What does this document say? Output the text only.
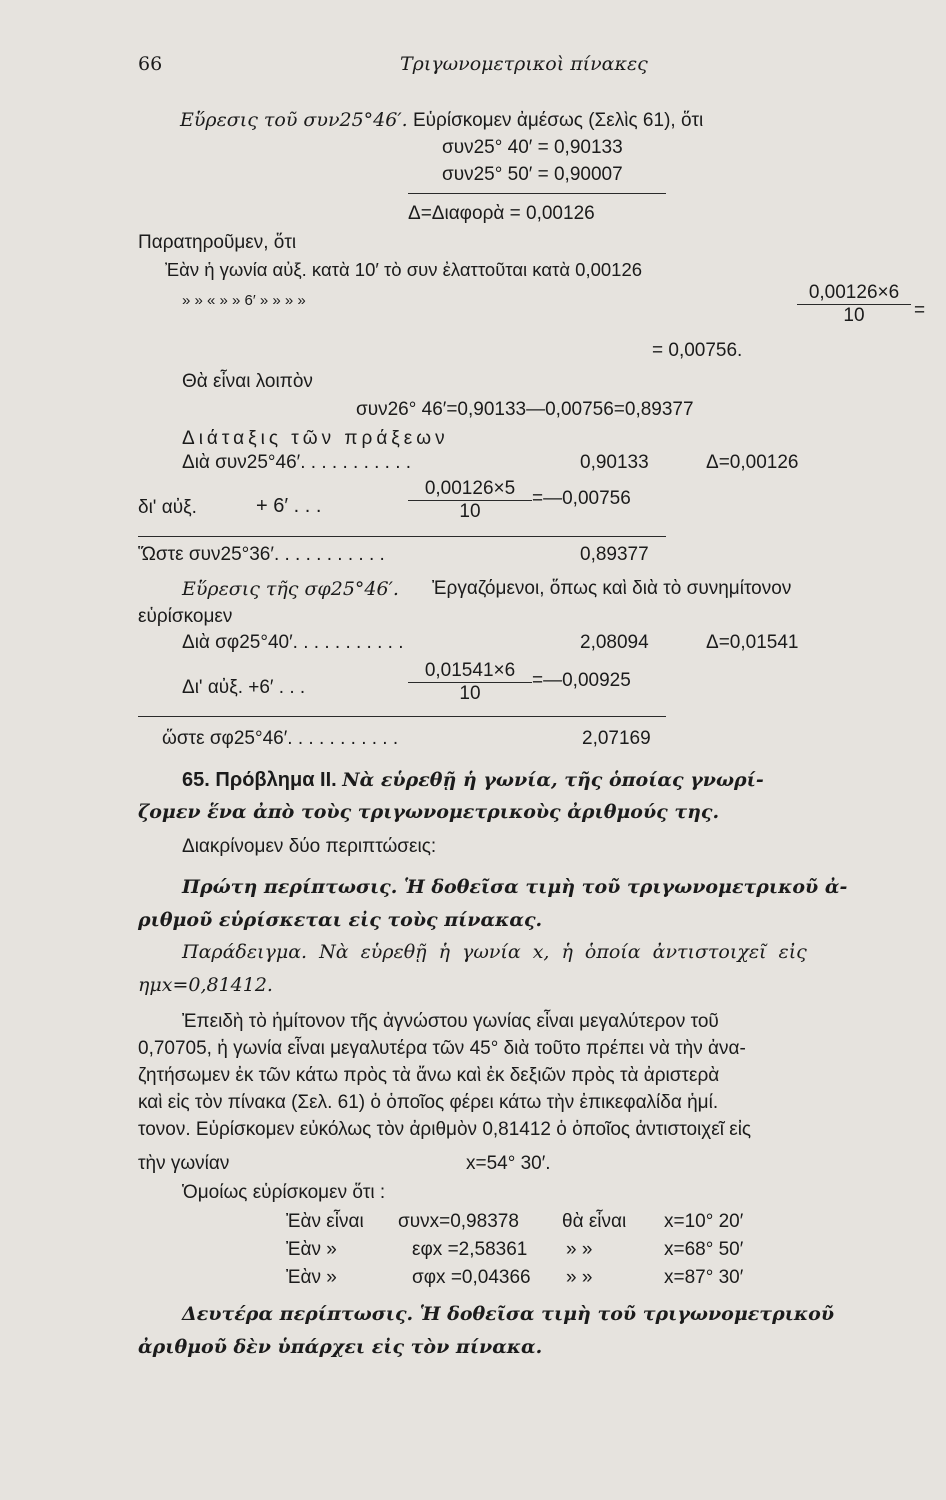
66	Τριγωνομετρικοὶ πίνακες
Εὕρεσις τοῦ συν25°46′. Εὑρίσκομεν ἀμέσως (Σελὶς 61), ὅτι
συν25° 40′ = 0,90133
συν25° 50′ = 0,90007
Δ=Διαφορὰ = 0,00126
Παρατηροῦμεν, ὅτι
Ἐὰν ἡ γωνία αὐξ. κατὰ 10′ τὸ συν ἐλαττοῦται κατὰ 0,00126
» » « » » 6′ » » » »	$\frac{0,00126\times 6}{10}$ =
= 0,00756.
Θὰ εἶναι λοιπὸν
συν26° 46′=0,90133—0,00756=0,89377
Διάταξις τῶν πράξεων
Διὰ συν25°46′. . . . . . . . . . .	0,90133	Δ=0,00126
δι' αὐξ.	+ 6′ . . .	$\frac{0,00126\times 5}{10}$ =—0,00756
Ὥστε συν25°36′. . . . . . . . . . .	0,89377
Εὕρεσις τῆς σφ25°46′. Ἐργαζόμενοι, ὅπως καὶ διὰ τὸ συνημίτονον
εὑρίσκομεν
Διὰ σφ25°40′. . . . . . . . . . .	2,08094	Δ=0,01541
Δι' αὐξ. +6′ . . .	$\frac{0,01541\times 6}{10}$ =—0,00925
ὥστε σφ25°46′. . . . . . . . . . .	2,07169
65. Πρόβλημα II. Νὰ εὑρεθῇ ἡ γωνία, τῆς ὁποίας γνωρί-
ζομεν ἕνα ἀπὸ τοὺς τριγωνομετρικοὺς ἀριθμούς της.
Διακρίνομεν δύο περιπτώσεις:
Πρώτη περίπτωσις. Ἡ δοθεῖσα τιμὴ τοῦ τριγωνομετρικοῦ ἀ-
ριθμοῦ εὑρίσκεται εἰς τοὺς πίνακας.
Παράδειγμα. Νὰ εὑρεθῇ ἡ γωνία x, ἡ ὁποία ἀντιστοιχεῖ εἰς
ημx=0,81412.
Ἐπειδὴ τὸ ἡμίτονον τῆς ἀγνώστου γωνίας εἶναι μεγαλύτερον τοῦ
0,70705, ἡ γωνία εἶναι μεγαλυτέρα τῶν 45° διὰ τοῦτο πρέπει νὰ τὴν ἀνα-
ζητήσωμεν ἐκ τῶν κάτω πρὸς τὰ ἄνω καὶ ἐκ δεξιῶν πρὸς τὰ ἀριστερὰ
καὶ εἰς τὸν πίνακα (Σελ. 61) ὁ ὁποῖος φέρει κάτω τὴν ἐπικεφαλίδα ἡμί.
τονον. Εὑρίσκομεν εὐκόλως τὸν ἀριθμὸν 0,81412 ὁ ὁποῖος ἀντιστοιχεῖ εἰς
τὴν γωνίαν	x=54° 30′.
Ὁμοίως εὑρίσκομεν ὅτι :
Ἐὰν εἶναι συνx=0,98378 θὰ εἶναι x=10° 20′
Ἐὰν »	εφx =2,58361 » »	x=68° 50′
Ἐὰν »	σφx =0,04366 » »	x=87° 30′
Δευτέρα περίπτωσις. Ἡ δοθεῖσα τιμὴ τοῦ τριγωνομετρικοῦ
ἀριθμοῦ δὲν ὑπάρχει εἰς τὸν πίνακα.
